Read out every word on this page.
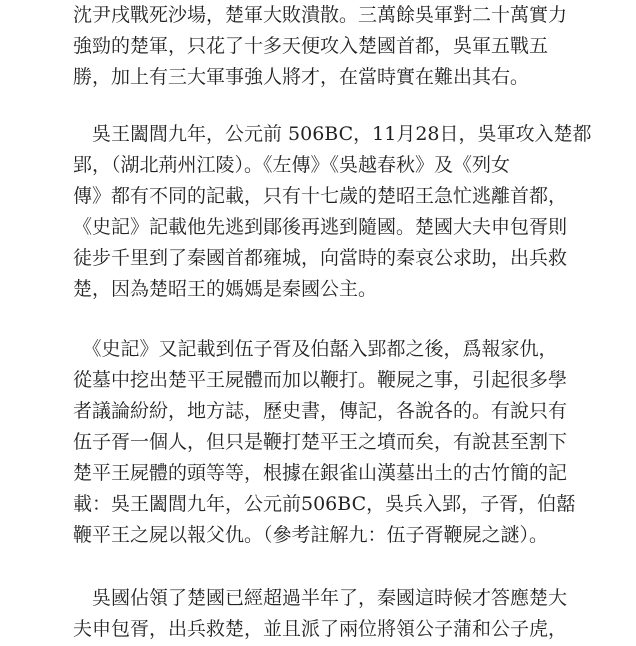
沈尹戌戰死沙場，楚軍大敗潰散。三萬餘吳軍對二十萬實力
強勁的楚軍，只花了十多天便攻入楚國首都，吳軍五戰五
勝，加上有三大軍事強人將才，在當時實在難出其右。
　吳王闔閭九年，公元前 506BC，11月28日，吳軍攻入楚都
郢，（湖北荊州江陵）。《左傳》《吳越春秋》及《列女
傳》都有不同的記載，只有十七歲的楚昭王急忙逃離首都，
《史記》記載他先逃到鄖後再逃到隨國。楚國大夫申包胥則
徒步千里到了秦國首都雍城，向當時的秦哀公求助，出兵救
楚，因為楚昭王的媽媽是秦國公主。
　《史記》又記載到伍子胥及伯嚭入郢都之後，爲報家仇，
從墓中挖出楚平王屍體而加以鞭打。鞭屍之事，引起很多學
者議論紛紛，地方誌，歷史書，傳記，各說各的。有說只有
伍子胥一個人，但只是鞭打楚平王之墳而矣，有說甚至割下
楚平王屍體的頭等等，根據在銀雀山漢墓出土的古竹簡的記
載：吳王闔閭九年，公元前506BC，吳兵入郢，子胥，伯嚭
鞭平王之屍以報父仇。（參考註解九：伍子胥鞭屍之謎）。
　吳國佔領了楚國已經超過半年了，秦國這時候才答應楚大
夫申包胥，出兵救楚，並且派了兩位將領公子蒲和公子虎，
